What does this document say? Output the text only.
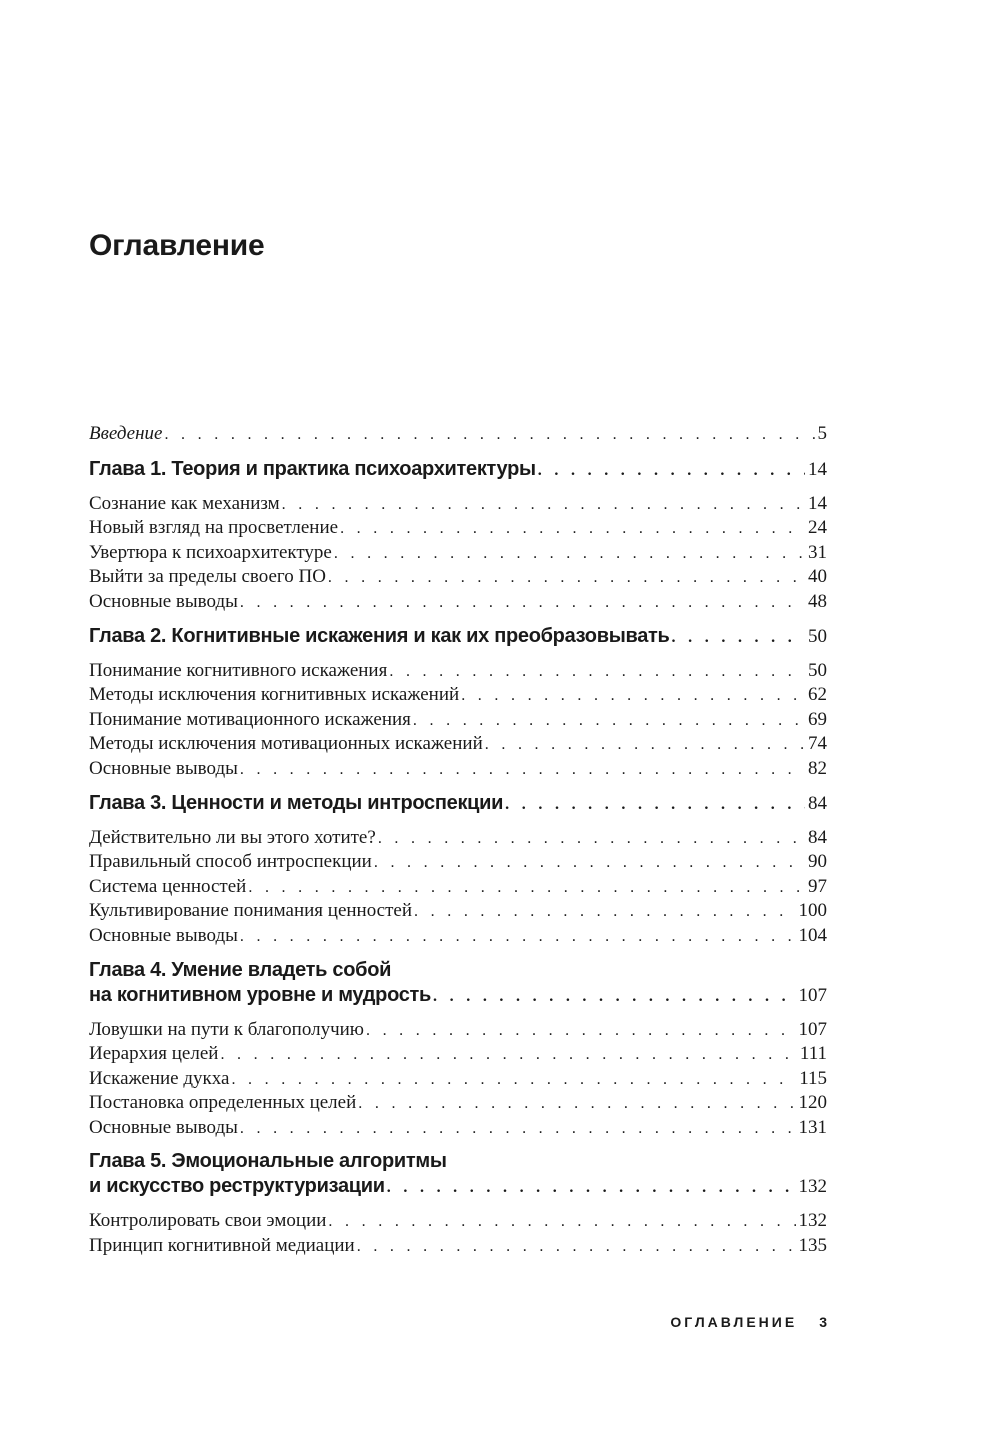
Оглавление
Введение . . .	5
Глава 1. Теория и практика психоархитектуры . . .	14
Сознание как механизм . . .	14
Новый взгляд на просветление . . .	24
Увертюра к психоархитектуре . . .	31
Выйти за пределы своего ПО . . .	40
Основные выводы . . .	48
Глава 2. Когнитивные искажения и как их преобразовывать . . .	50
Понимание когнитивного искажения . . .	50
Методы исключения когнитивных искажений . . .	62
Понимание мотивационного искажения . . .	69
Методы исключения мотивационных искажений . . .	74
Основные выводы . . .	82
Глава 3. Ценности и методы интроспекции . . .	84
Действительно ли вы этого хотите? . . .	84
Правильный способ интроспекции . . .	90
Система ценностей . . .	97
Культивирование понимания ценностей . . .	100
Основные выводы . . .	104
Глава 4. Умение владеть собой
на когнитивном уровне и мудрость . . .	107
Ловушки на пути к благополучию . . .	107
Иерархия целей . . .	111
Искажение дукха . . .	115
Постановка определенных целей . . .	120
Основные выводы . . .	131
Глава 5. Эмоциональные алгоритмы
и искусство реструктуризации . . .	132
Контролировать свои эмоции . . .	132
Принцип когнитивной медиации . . .	135
ОГЛАВЛЕНИЕ 3
